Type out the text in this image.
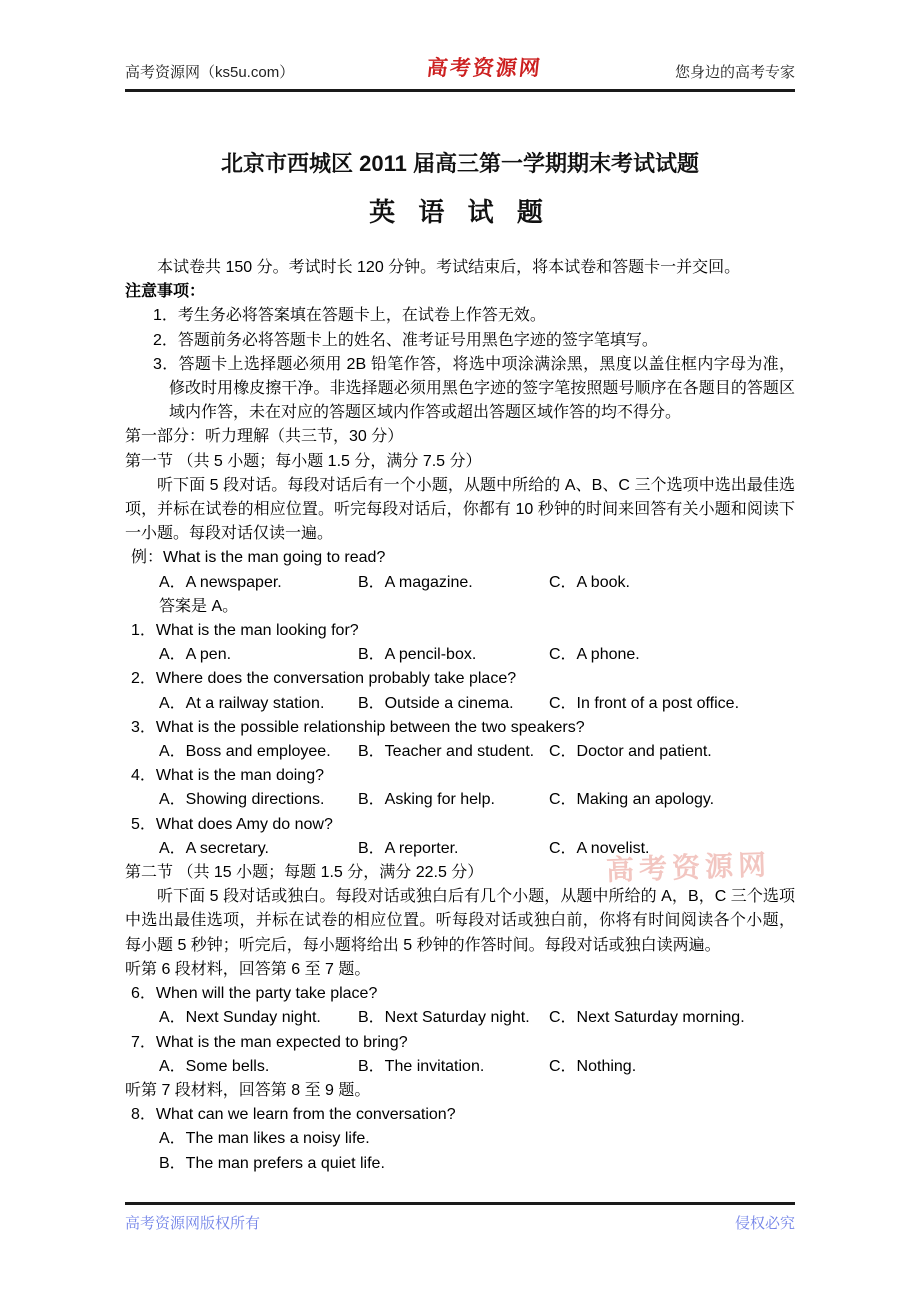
高考资源网（ks5u.com）	高考资源网	您身边的高考专家
北京市西城区 2011 届高三第一学期期末考试试题
英 语 试 题

本试卷共 150 分。考试时长 120 分钟。考试结束后，将本试卷和答题卡一并交回。

注意事项：

1．考生务必将答案填在答题卡上，在试卷上作答无效。

2．答题前务必将答题卡上的姓名、准考证号用黑色字迹的签字笔填写。

3．答题卡上选择题必须用 2B 铅笔作答，将选中项涂满涂黑，黑度以盖住框内字母为准，修改时用橡皮擦干净。非选择题必须用黑色字迹的签字笔按照题号顺序在各题目的答题区域内作答，未在对应的答题区域内作答或超出答题区域作答的均不得分。

第一部分：听力理解（共三节，30 分）

第一节 （共 5 小题；每小题 1.5 分，满分 7.5 分）

听下面 5 段对话。每段对话后有一个小题，从题中所给的 A、B、C 三个选项中选出最佳选项，并标在试卷的相应位置。听完每段对话后，你都有 10 秒钟的时间来回答有关小题和阅读下一小题。每段对话仅读一遍。

例：What is the man going to read?

A．A newspaper.	B．A magazine.	C．A book.

答案是 A。

1．What is the man looking for?

A．A pen.	B．A pencil-box.	C．A phone.

2．Where does the conversation probably take place?

A．At a railway station.	B．Outside a cinema.	C．In front of a post office.

3．What is the possible relationship between the two speakers?

A．Boss and employee.	B．Teacher and student. C．Doctor and patient.

4．What is the man doing?

A．Showing directions.	B．Asking for help.	C．Making an apology.

5．What does Amy do now?

A．A secretary.	B．A reporter.	C．A novelist.

第二节 （共 15 小题；每题 1.5 分，满分 22.5 分）

听下面 5 段对话或独白。每段对话或独白后有几个小题，从题中所给的 A，B，C 三个选项中选出最佳选项，并标在试卷的相应位置。听每段对话或独白前，你将有时间阅读各个小题，每小题 5 秒钟；听完后，每小题将给出 5 秒钟的作答时间。每段对话或独白读两遍。

听第 6 段材料，回答第 6 至 7 题。

6．When will the party take place?

A．Next Sunday night.	B．Next Saturday night.	C．Next Saturday morning.

7．What is the man expected to bring?

A．Some bells.	B．The invitation.	C．Nothing.

听第 7 段材料，回答第 8 至 9 题。

8．What can we learn from the conversation?

A．The man likes a noisy life.

B．The man prefers a quiet life.

高考资源网
高考资源网版权所有	侵权必究
